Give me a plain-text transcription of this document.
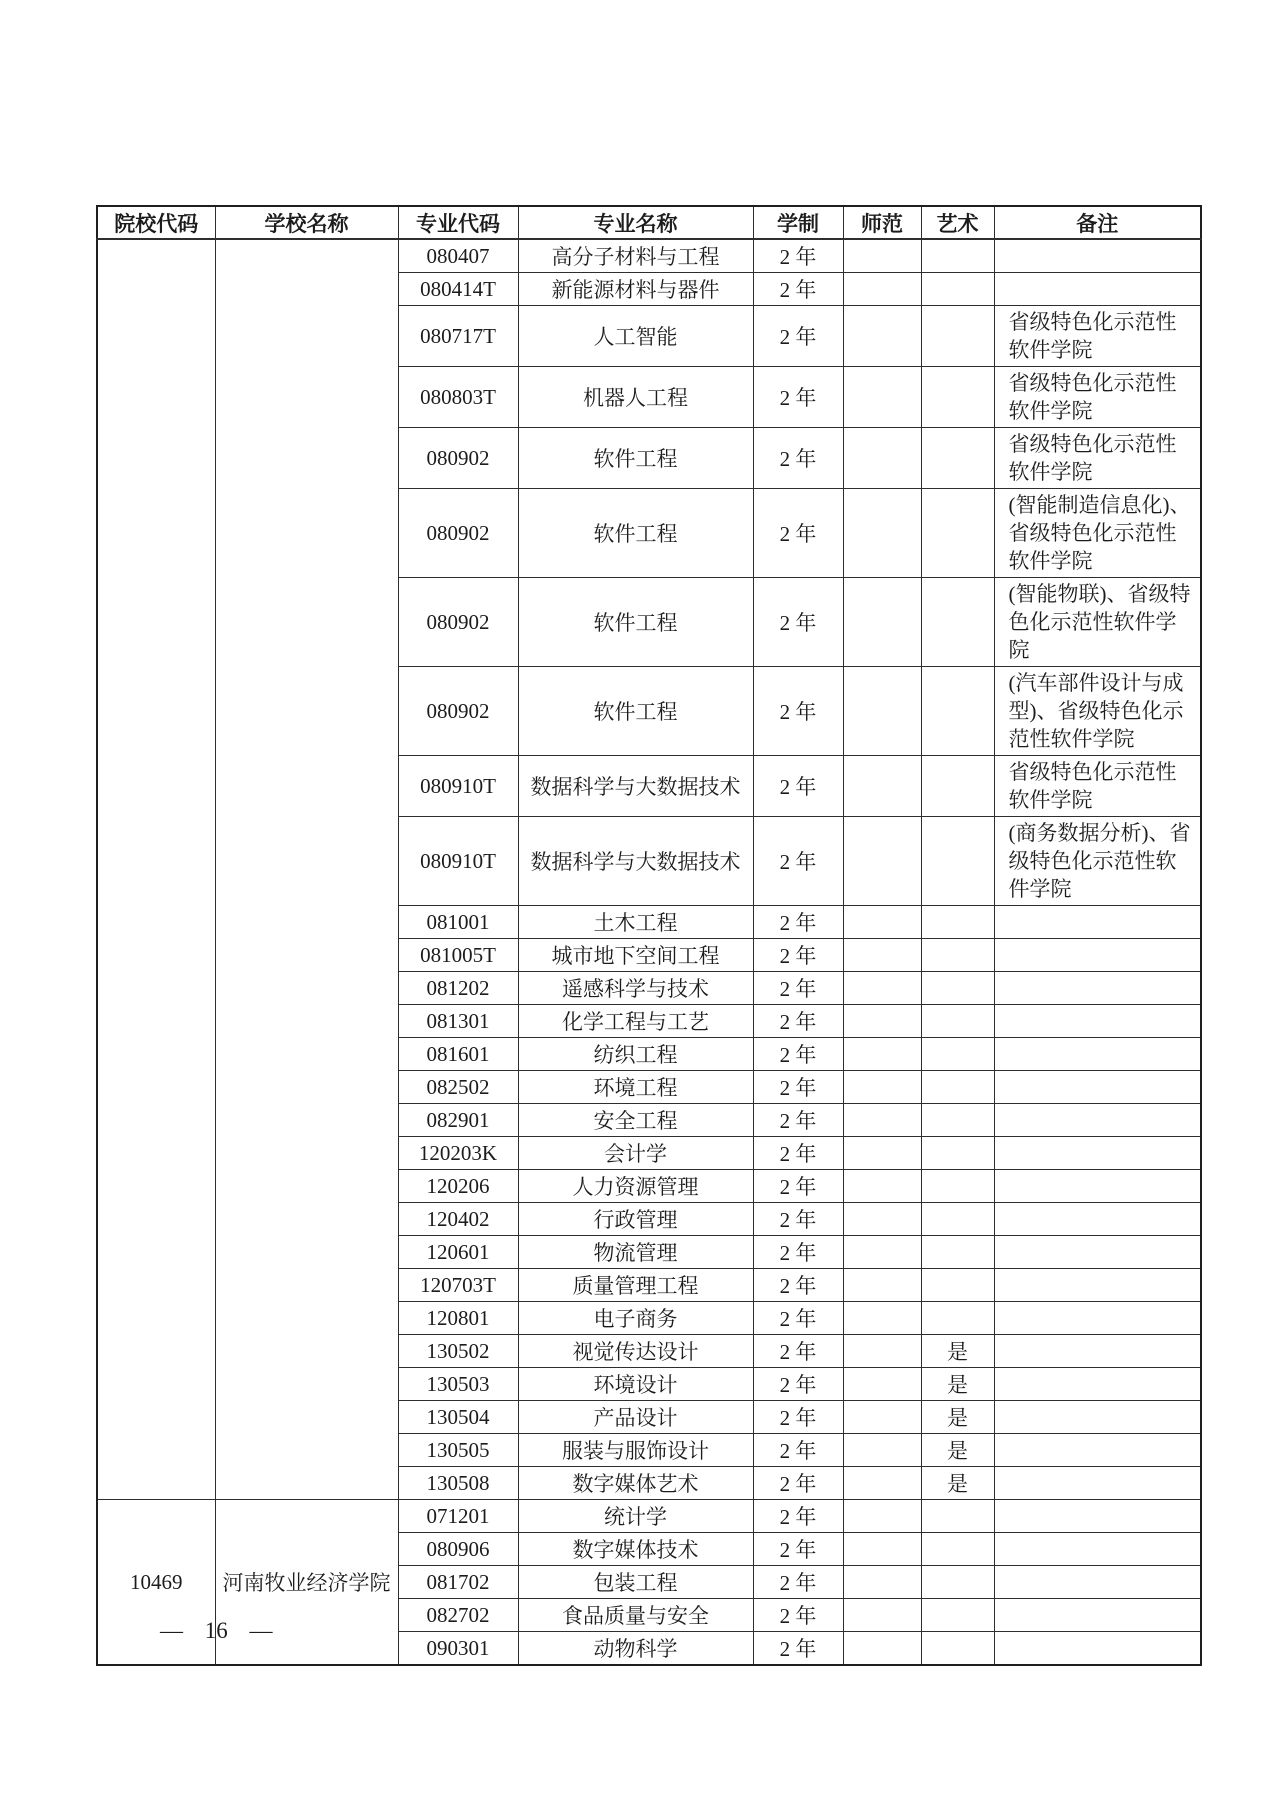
院校代码	学校名称	专业代码	专业名称	学制	师范	艺术	备注
		080407	高分子材料与工程	2 年			
		080414T	新能源材料与器件	2 年			
		080717T	人工智能	2 年			省级特色化示范性软件学院
		080803T	机器人工程	2 年			省级特色化示范性软件学院
		080902	软件工程	2 年			省级特色化示范性软件学院
		080902	软件工程	2 年			(智能制造信息化)、省级特色化示范性软件学院
		080902	软件工程	2 年			(智能物联)、省级特色化示范性软件学院
		080902	软件工程	2 年			(汽车部件设计与成型)、省级特色化示范性软件学院
		080910T	数据科学与大数据技术	2 年			省级特色化示范性软件学院
		080910T	数据科学与大数据技术	2 年			(商务数据分析)、省级特色化示范性软件学院
		081001	土木工程	2 年			
		081005T	城市地下空间工程	2 年			
		081202	遥感科学与技术	2 年			
		081301	化学工程与工艺	2 年			
		081601	纺织工程	2 年			
		082502	环境工程	2 年			
		082901	安全工程	2 年			
		120203K	会计学	2 年			
		120206	人力资源管理	2 年			
		120402	行政管理	2 年			
		120601	物流管理	2 年			
		120703T	质量管理工程	2 年			
		120801	电子商务	2 年			
		130502	视觉传达设计	2 年		是	
		130503	环境设计	2 年		是	
		130504	产品设计	2 年		是	
		130505	服装与服饰设计	2 年		是	
		130508	数字媒体艺术	2 年		是	
10469	河南牧业经济学院	071201	统计学	2 年			
		080906	数字媒体技术	2 年			
		081702	包装工程	2 年			
		082702	食品质量与安全	2 年			
		090301	动物科学	2 年			
— 16 —
